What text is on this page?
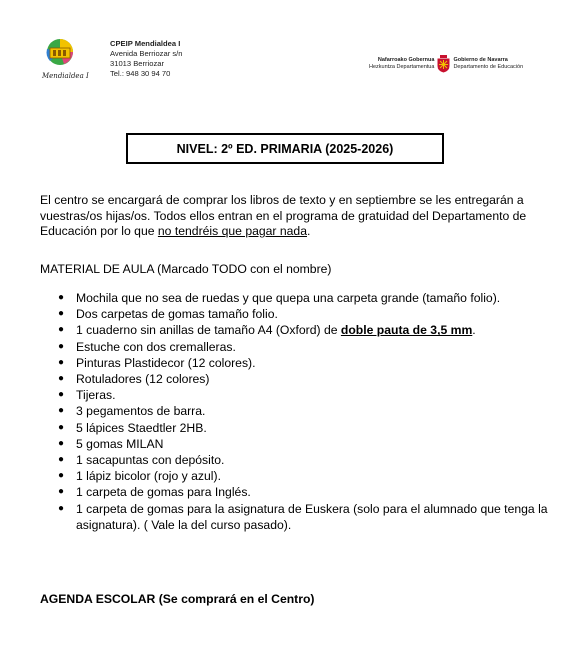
Mendialdea I
CPEIP Mendialdea I
Avenida Berriozar s/n
31013 Berriozar
Tel.: 948 30 94 70
Nafarroako Gobernua
Hezkuntza Departamentua
Gobierno de Navarra
Departamento de Educación
NIVEL: 2º ED. PRIMARIA (2025-2026)
El centro se encargará de comprar los libros de texto y en septiembre se les entregarán a vuestras/os hijas/os. Todos ellos entran en el programa de gratuidad del Departamento de Educación por lo que no tendréis que pagar nada.
MATERIAL DE AULA (Marcado TODO con el nombre)
● Mochila que no sea de ruedas y que quepa una carpeta grande (tamaño folio).
● Dos carpetas de gomas tamaño folio.
● 1 cuaderno sin anillas de tamaño A4 (Oxford) de doble pauta de 3,5 mm.
● Estuche con dos cremalleras.
● Pinturas Plastidecor (12 colores).
● Rotuladores (12 colores)
● Tijeras.
● 3 pegamentos de barra.
● 5 lápices Staedtler 2HB.
● 5 gomas MILAN
● 1 sacapuntas con depósito.
● 1 lápiz bicolor (rojo y azul).
● 1 carpeta de gomas para Inglés.
● 1 carpeta de gomas para la asignatura de Euskera (solo para el alumnado que tenga la asignatura). ( Vale la del curso pasado).
AGENDA ESCOLAR (Se comprará en el Centro)
